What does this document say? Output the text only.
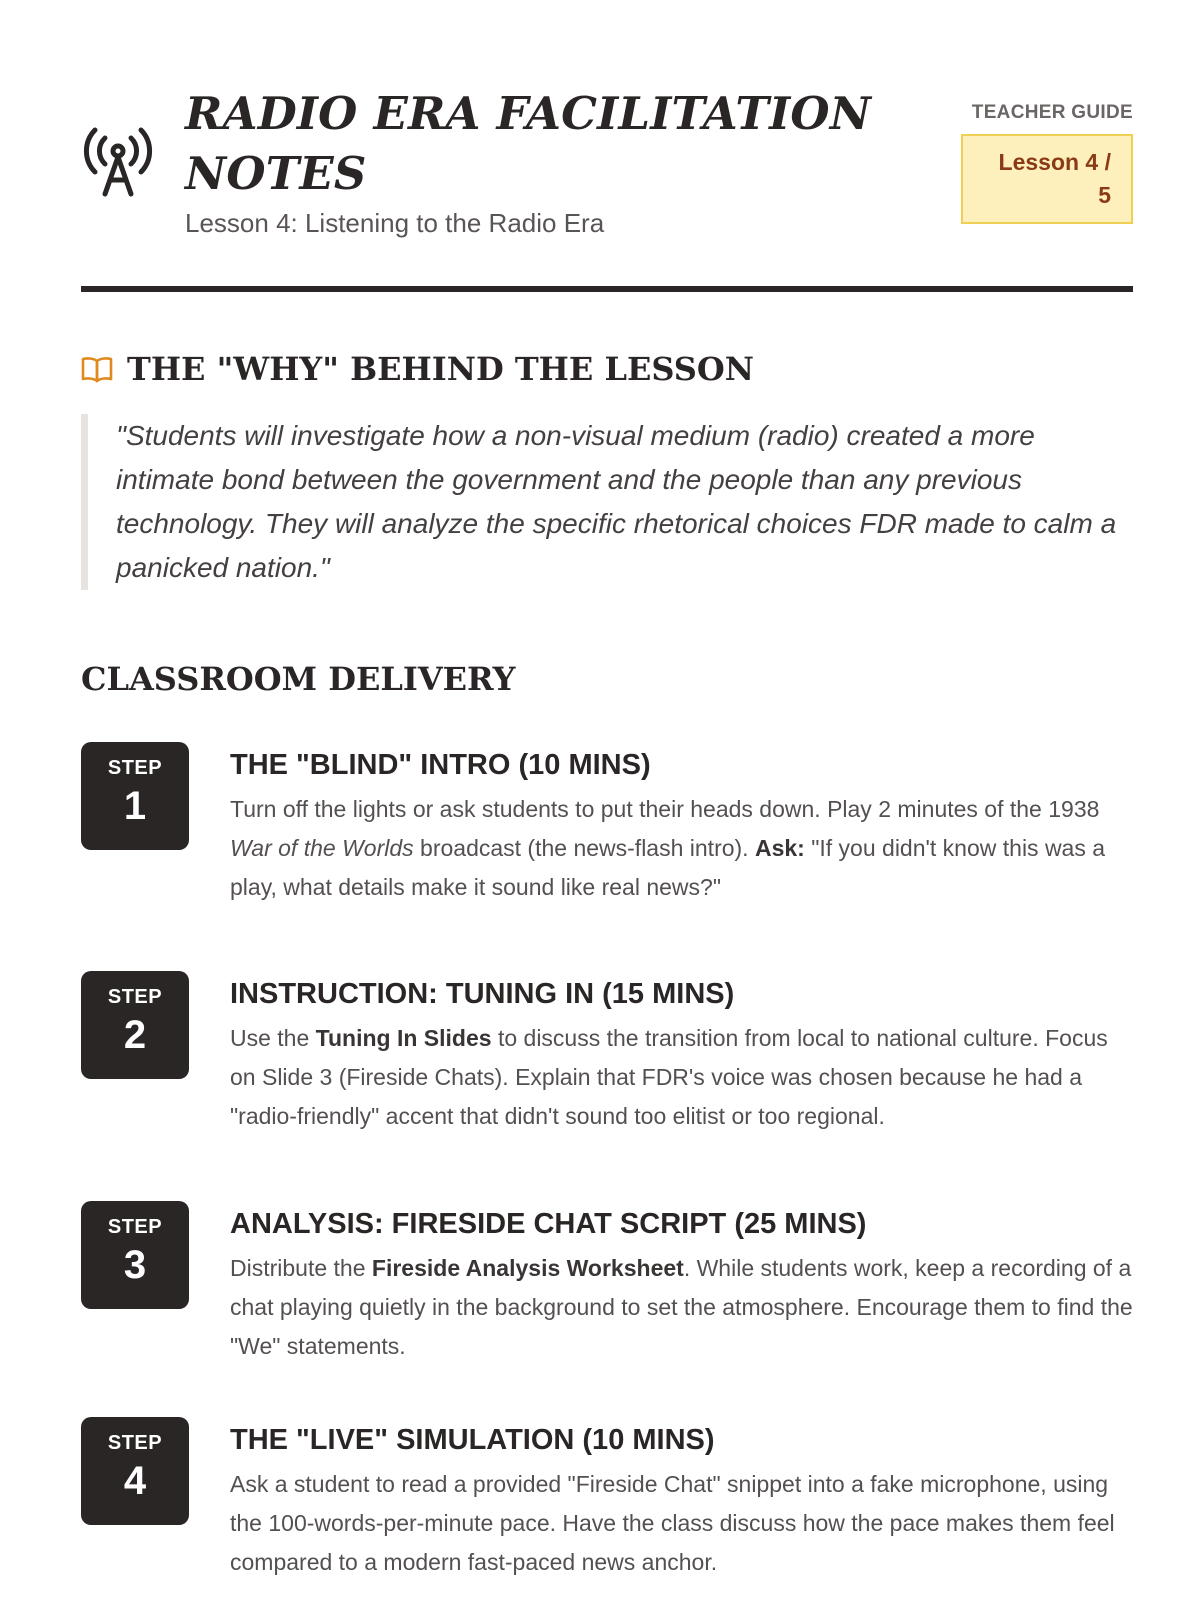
RADIO ERA FACILITATION NOTES
Lesson 4: Listening to the Radio Era
TEACHER GUIDE
Lesson 4 / 5
THE "WHY" BEHIND THE LESSON
"Students will investigate how a non-visual medium (radio) created a more intimate bond between the government and the people than any previous technology. They will analyze the specific rhetorical choices FDR made to calm a panicked nation."
CLASSROOM DELIVERY
STEP
1
THE "BLIND" INTRO (10 MINS)
Turn off the lights or ask students to put their heads down. Play 2 minutes of the 1938 War of the Worlds broadcast (the news-flash intro). Ask: "If you didn't know this was a play, what details make it sound like real news?"
STEP
2
INSTRUCTION: TUNING IN (15 MINS)
Use the Tuning In Slides to discuss the transition from local to national culture. Focus on Slide 3 (Fireside Chats). Explain that FDR's voice was chosen because he had a "radio-friendly" accent that didn't sound too elitist or too regional.
STEP
3
ANALYSIS: FIRESIDE CHAT SCRIPT (25 MINS)
Distribute the Fireside Analysis Worksheet. While students work, keep a recording of a chat playing quietly in the background to set the atmosphere. Encourage them to find the "We" statements.
STEP
4
THE "LIVE" SIMULATION (10 MINS)
Ask a student to read a provided "Fireside Chat" snippet into a fake microphone, using the 100-words-per-minute pace. Have the class discuss how the pace makes them feel compared to a modern fast-paced news anchor.
